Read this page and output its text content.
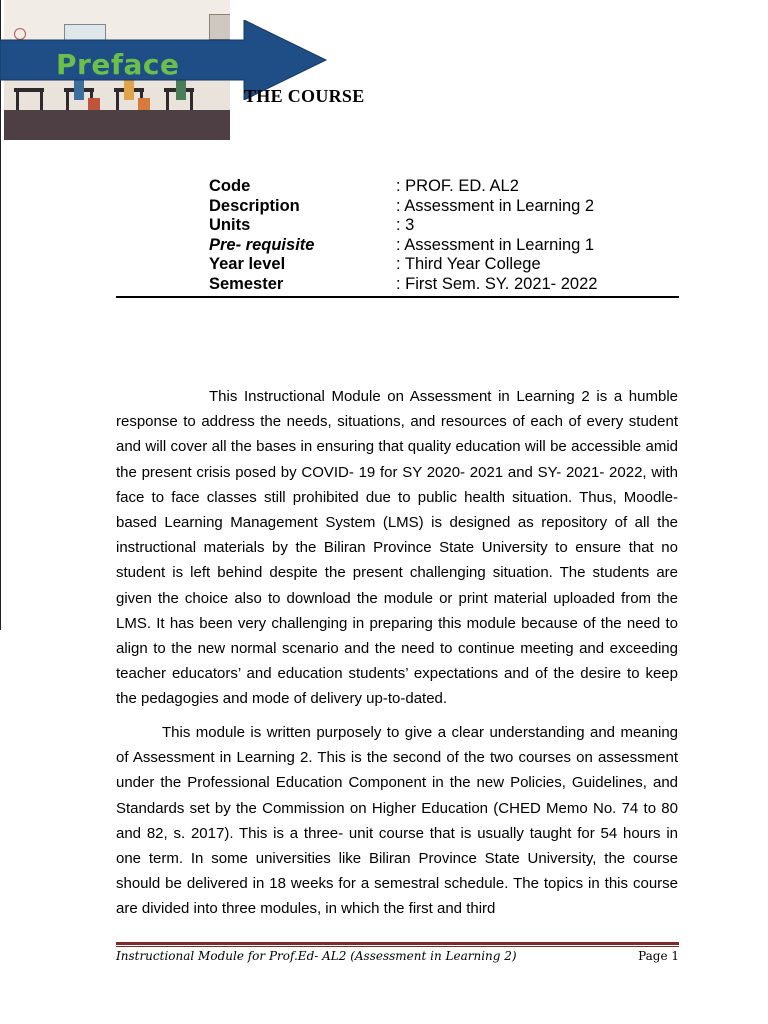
Preface
THE COURSE
Code	: PROF. ED. AL2
Description	: Assessment in Learning 2
Units	: 3
Pre- requisite	: Assessment in Learning 1
Year level	: Third Year College
Semester	: First Sem. SY. 2021- 2022

This Instructional Module on Assessment in Learning 2 is a humble response to address the needs, situations, and resources of each of every student and will cover all the bases in ensuring that quality education will be accessible amid the present crisis posed by COVID- 19 for SY 2020- 2021 and SY- 2021- 2022, with face to face classes still prohibited due to public health situation. Thus, Moodle- based Learning Management System (LMS) is designed as repository of all the instructional materials by the Biliran Province State University to ensure that no student is left behind despite the present challenging situation. The students are given the choice also to download the module or print material uploaded from the LMS. It has been very challenging in preparing this module because of the need to align to the new normal scenario and the need to continue meeting and exceeding teacher educators’ and education students’ expectations and of the desire to keep the pedagogies and mode of delivery up-to-dated.

This module is written purposely to give a clear understanding and meaning of Assessment in Learning 2. This is the second of the two courses on assessment under the Professional Education Component in the new Policies, Guidelines, and Standards set by the Commission on Higher Education (CHED Memo No. 74 to 80 and 82, s. 2017). This is a three- unit course that is usually taught for 54 hours in one term. In some universities like Biliran Province State University, the course should be delivered in 18 weeks for a semestral schedule. The topics in this course are divided into three modules, in which the first and third

Instructional Module for Prof.Ed- AL2 (Assessment in Learning 2)	Page 1
